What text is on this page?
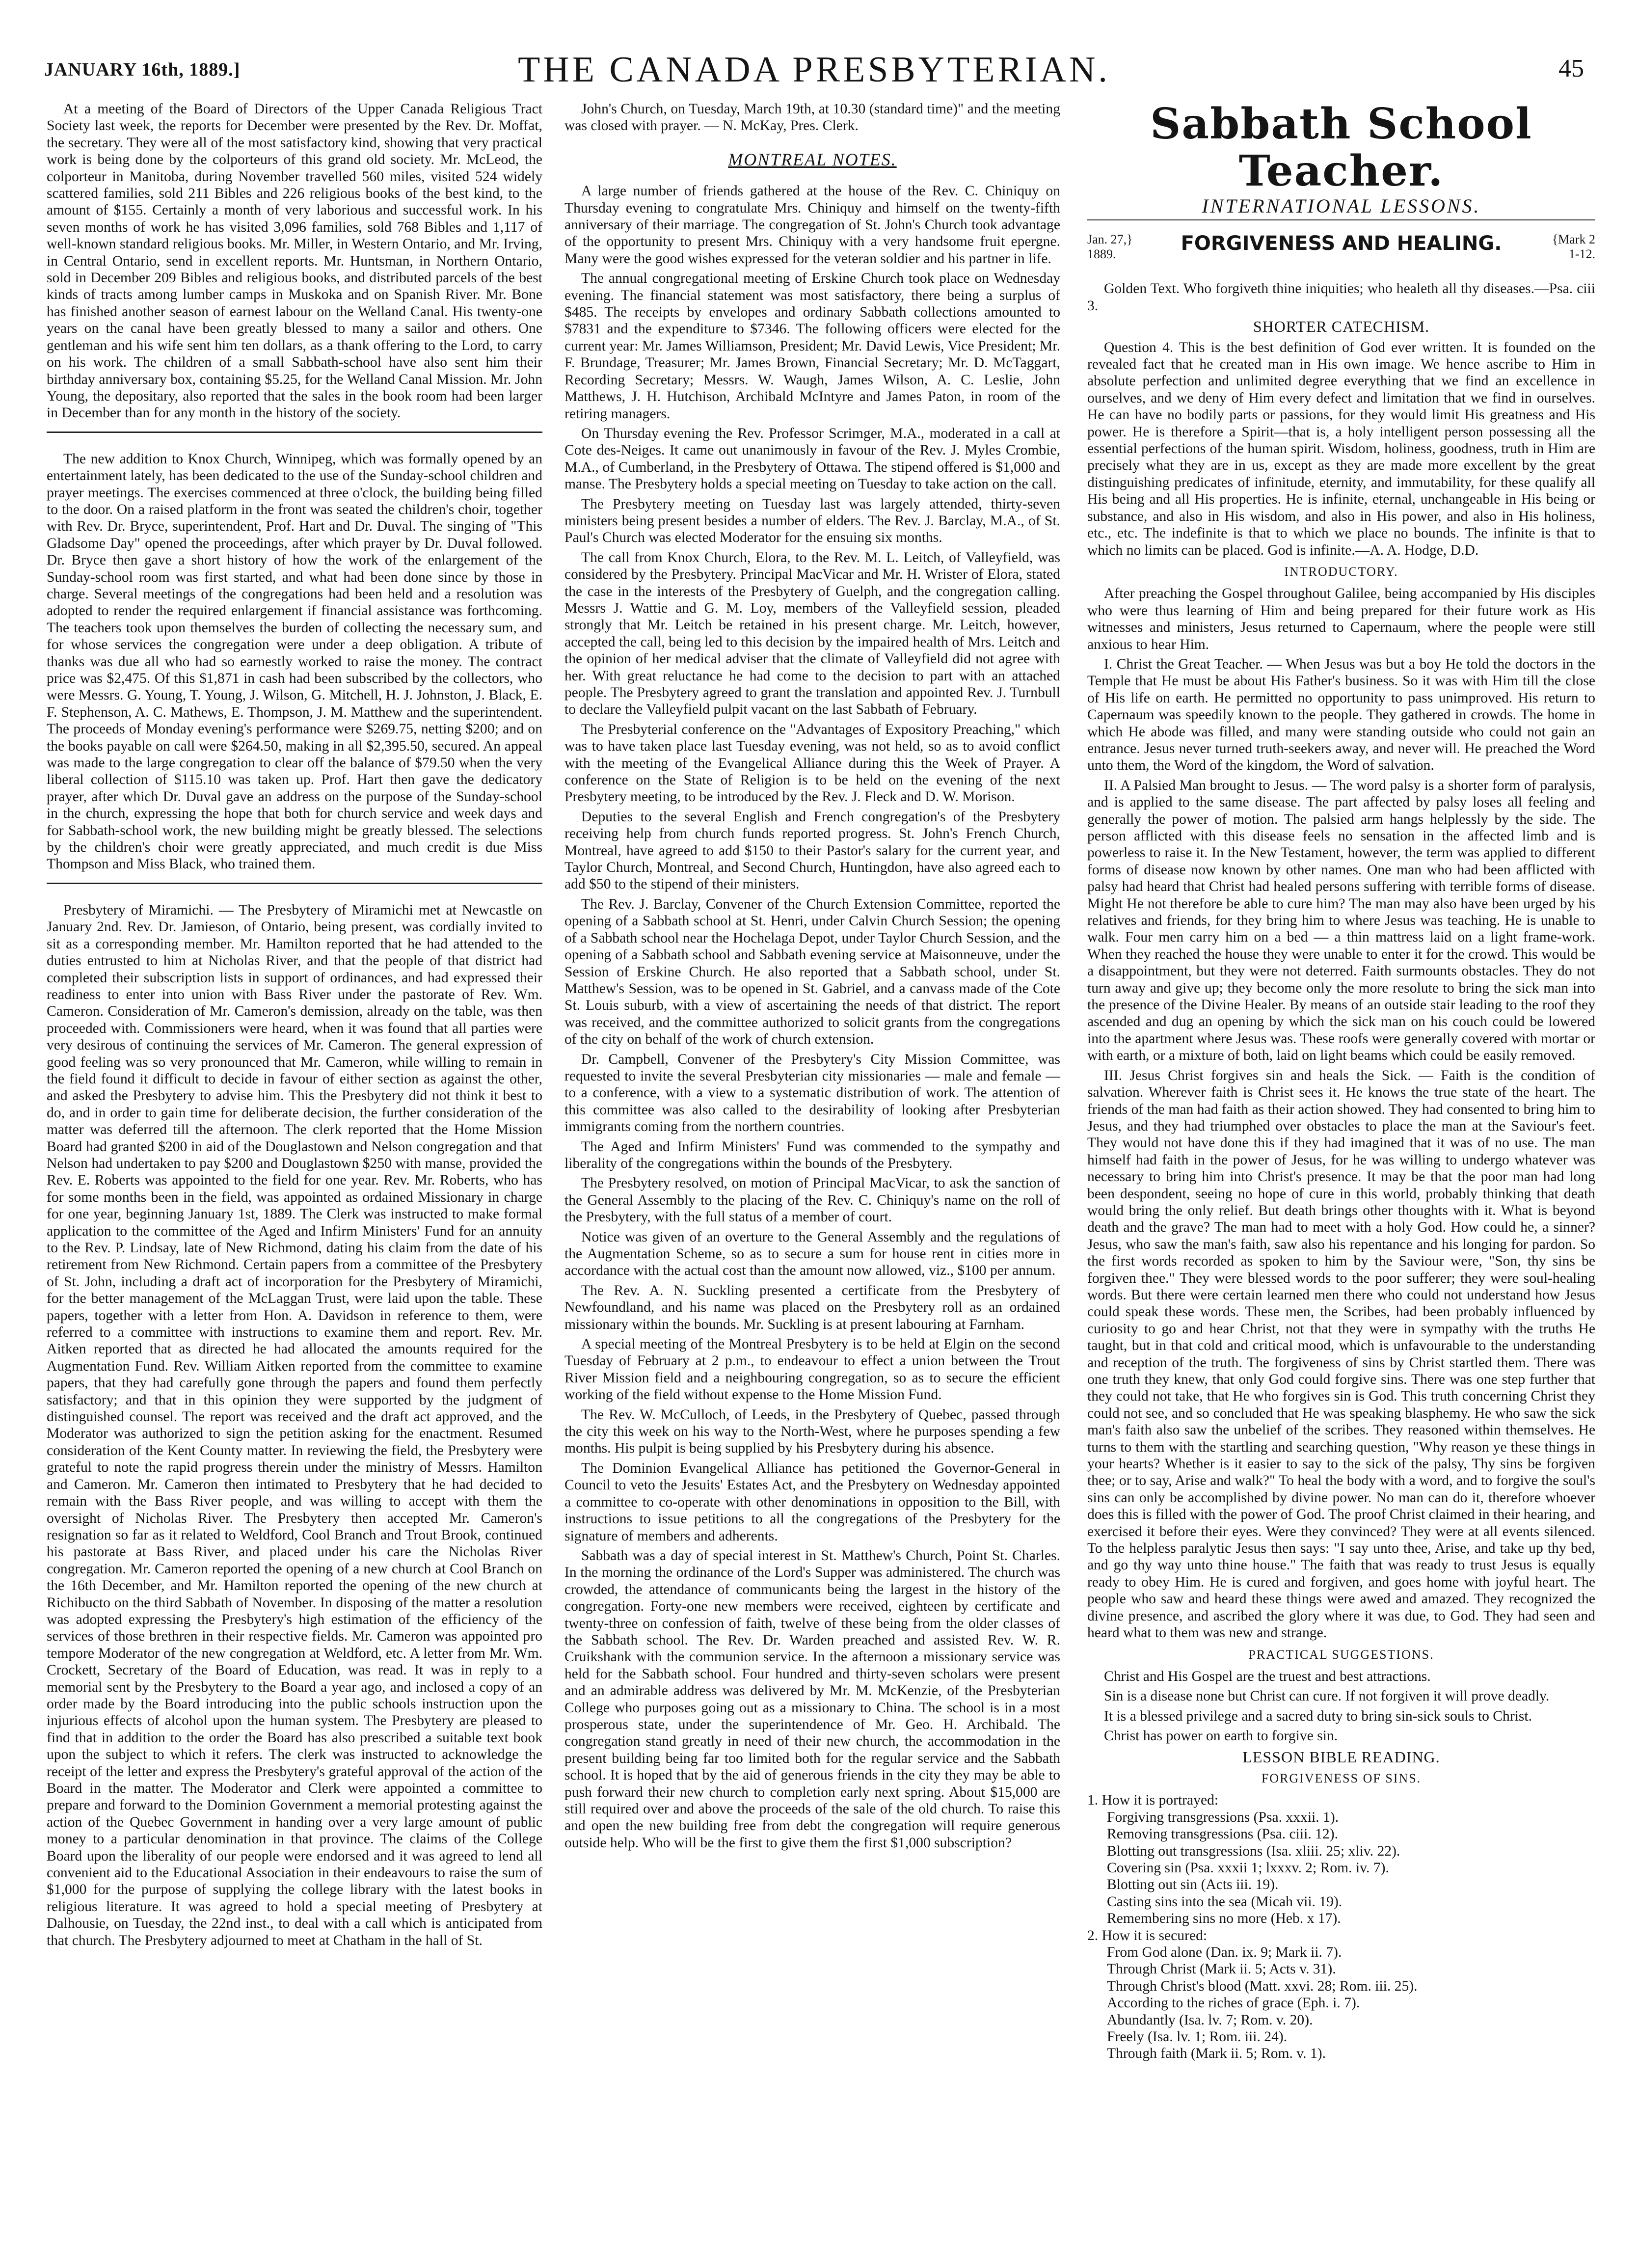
JANUARY 16th, 1889.]	THE CANADA PRESBYTERIAN.	45

At a meeting of the Board of Directors of the Upper Canada Religious Tract Society last week, the reports for December were presented by the Rev. Dr. Moffat, the secretary. They were all of the most satisfactory kind, showing that very practical work is being done by the colporteurs of this grand old society. Mr. McLeod, the colporteur in Manitoba, during November travelled 560 miles, visited 524 widely scattered families, sold 211 Bibles and 226 religious books of the best kind, to the amount of $155. Certainly a month of very laborious and successful work. In his seven months of work he has visited 3,096 families, sold 768 Bibles and 1,117 of well-known standard religious books. Mr. Miller, in Western Ontario, and Mr. Irving, in Central Ontario, send in excellent reports. Mr. Huntsman, in Northern Ontario, sold in December 209 Bibles and religious books, and distributed parcels of the best kinds of tracts among lumber camps in Muskoka and on Spanish River. Mr. Bone has finished another season of earnest labour on the Welland Canal. His twenty-one years on the canal have been greatly blessed to many a sailor and others. One gentleman and his wife sent him ten dollars, as a thank offering to the Lord, to carry on his work. The children of a small Sabbath-school have also sent him their birthday anniversary box, containing $5.25, for the Welland Canal Mission. Mr. John Young, the depositary, also reported that the sales in the book room had been larger in December than for any month in the history of the society.

The new addition to Knox Church, Winnipeg, which was formally opened by an entertainment lately, has been dedicated to the use of the Sunday-school children and prayer meetings. The exercises commenced at three o'clock, the building being filled to the door. On a raised platform in the front was seated the children's choir, together with Rev. Dr. Bryce, superintendent, Prof. Hart and Dr. Duval. The singing of "This Gladsome Day" opened the proceedings, after which prayer by Dr. Duval followed. Dr. Bryce then gave a short history of how the work of the enlargement of the Sunday-school room was first started, and what had been done since by those in charge. Several meetings of the congregations had been held and a resolution was adopted to render the required enlargement if financial assistance was forthcoming. The teachers took upon themselves the burden of collecting the necessary sum, and for whose services the congregation were under a deep obligation. A tribute of thanks was due all who had so earnestly worked to raise the money. The contract price was $2,475. Of this $1,871 in cash had been subscribed by the collectors, who were Messrs. G. Young, T. Young, J. Wilson, G. Mitchell, H. J. Johnston, J. Black, E. F. Stephenson, A. C. Mathews, E. Thompson, J. M. Matthew and the superintendent. The proceeds of Monday evening's performance were $269.75, netting $200; and on the books payable on call were $264.50, making in all $2,395.50, secured. An appeal was made to the large congregation to clear off the balance of $79.50 when the very liberal collection of $115.10 was taken up. Prof. Hart then gave the dedicatory prayer, after which Dr. Duval gave an address on the purpose of the Sunday-school in the church, expressing the hope that both for church service and week days and for Sabbath-school work, the new building might be greatly blessed. The selections by the children's choir were greatly appreciated, and much credit is due Miss Thompson and Miss Black, who trained them.

Presbytery of Miramichi. — The Presbytery of Miramichi met at Newcastle on January 2nd. Rev. Dr. Jamieson, of Ontario, being present, was cordially invited to sit as a corresponding member. Mr. Hamilton reported that he had attended to the duties entrusted to him at Nicholas River, and that the people of that district had completed their subscription lists in support of ordinances, and had expressed their readiness to enter into union with Bass River under the pastorate of Rev. Wm. Cameron. Consideration of Mr. Cameron's demission, already on the table, was then proceeded with. Commissioners were heard, when it was found that all parties were very desirous of continuing the services of Mr. Cameron. The general expression of good feeling was so very pronounced that Mr. Cameron, while willing to remain in the field found it difficult to decide in favour of either section as against the other, and asked the Presbytery to advise him. This the Presbytery did not think it best to do, and in order to gain time for deliberate decision, the further consideration of the matter was deferred till the afternoon. The clerk reported that the Home Mission Board had granted $200 in aid of the Douglastown and Nelson congregation and that Nelson had undertaken to pay $200 and Douglastown $250 with manse, provided the Rev. E. Roberts was appointed to the field for one year. Rev. Mr. Roberts, who has for some months been in the field, was appointed as ordained Missionary in charge for one year, beginning January 1st, 1889. The Clerk was instructed to make formal application to the committee of the Aged and Infirm Ministers' Fund for an annuity to the Rev. P. Lindsay, late of New Richmond, dating his claim from the date of his retirement from New Richmond. Certain papers from a committee of the Presbytery of St. John, including a draft act of incorporation for the Presbytery of Miramichi, for the better management of the McLaggan Trust, were laid upon the table. These papers, together with a letter from Hon. A. Davidson in reference to them, were referred to a committee with instructions to examine them and report. Rev. Mr. Aitken reported that as directed he had allocated the amounts required for the Augmentation Fund. Rev. William Aitken reported from the committee to examine papers, that they had carefully gone through the papers and found them perfectly satisfactory; and that in this opinion they were supported by the judgment of distinguished counsel. The report was received and the draft act approved, and the Moderator was authorized to sign the petition asking for the enactment. Resumed consideration of the Kent County matter. In reviewing the field, the Presbytery were grateful to note the rapid progress therein under the ministry of Messrs. Hamilton and Cameron. Mr. Cameron then intimated to Presbytery that he had decided to remain with the Bass River people, and was willing to accept with them the oversight of Nicholas River. The Presbytery then accepted Mr. Cameron's resignation so far as it related to Weldford, Cool Branch and Trout Brook, continued his pastorate at Bass River, and placed under his care the Nicholas River congregation. Mr. Cameron reported the opening of a new church at Cool Branch on the 16th December, and Mr. Hamilton reported the opening of the new church at Richibucto on the third Sabbath of November. In disposing of the matter a resolution was adopted expressing the Presbytery's high estimation of the efficiency of the services of those brethren in their respective fields. Mr. Cameron was appointed pro tempore Moderator of the new congregation at Weldford, etc. A letter from Mr. Wm. Crockett, Secretary of the Board of Education, was read. It was in reply to a memorial sent by the Presbytery to the Board a year ago, and inclosed a copy of an order made by the Board introducing into the public schools instruction upon the injurious effects of alcohol upon the human system. The Presbytery are pleased to find that in addition to the order the Board has also prescribed a suitable text book upon the subject to which it refers. The clerk was instructed to acknowledge the receipt of the letter and express the Presbytery's grateful approval of the action of the Board in the matter. The Moderator and Clerk were appointed a committee to prepare and forward to the Dominion Government a memorial protesting against the action of the Quebec Government in handing over a very large amount of public money to a particular denomination in that province. The claims of the College Board upon the liberality of our people were endorsed and it was agreed to lend all convenient aid to the Educational Association in their endeavours to raise the sum of $1,000 for the purpose of supplying the college library with the latest books in religious literature. It was agreed to hold a special meeting of Presbytery at Dalhousie, on Tuesday, the 22nd inst., to deal with a call which is anticipated from that church. The Presbytery adjourned to meet at Chatham in the hall of St.

John's Church, on Tuesday, March 19th, at 10.30 (standard time)" and the meeting was closed with prayer. — N. McKay, Pres. Clerk.

MONTREAL NOTES.

A large number of friends gathered at the house of the Rev. C. Chiniquy on Thursday evening to congratulate Mrs. Chiniquy and himself on the twenty-fifth anniversary of their marriage. The congregation of St. John's Church took advantage of the opportunity to present Mrs. Chiniquy with a very handsome fruit epergne. Many were the good wishes expressed for the veteran soldier and his partner in life.

The annual congregational meeting of Erskine Church took place on Wednesday evening. The financial statement was most satisfactory, there being a surplus of $485. The receipts by envelopes and ordinary Sabbath collections amounted to $7831 and the expenditure to $7346. The following officers were elected for the current year: Mr. James Williamson, President; Mr. David Lewis, Vice President; Mr. F. Brundage, Treasurer; Mr. James Brown, Financial Secretary; Mr. D. McTaggart, Recording Secretary; Messrs. W. Waugh, James Wilson, A. C. Leslie, John Matthews, J. H. Hutchison, Archibald McIntyre and James Paton, in room of the retiring managers.

On Thursday evening the Rev. Professor Scrimger, M.A., moderated in a call at Cote des-Neiges. It came out unanimously in favour of the Rev. J. Myles Crombie, M.A., of Cumberland, in the Presbytery of Ottawa. The stipend offered is $1,000 and manse. The Presbytery holds a special meeting on Tuesday to take action on the call.

The Presbytery meeting on Tuesday last was largely attended, thirty-seven ministers being present besides a number of elders. The Rev. J. Barclay, M.A., of St. Paul's Church was elected Moderator for the ensuing six months.

The call from Knox Church, Elora, to the Rev. M. L. Leitch, of Valleyfield, was considered by the Presbytery. Principal MacVicar and Mr. H. Wrister of Elora, stated the case in the interests of the Presbytery of Guelph, and the congregation calling. Messrs J. Wattie and G. M. Loy, members of the Valleyfield session, pleaded strongly that Mr. Leitch be retained in his present charge. Mr. Leitch, however, accepted the call, being led to this decision by the impaired health of Mrs. Leitch and the opinion of her medical adviser that the climate of Valleyfield did not agree with her. With great reluctance he had come to the decision to part with an attached people. The Presbytery agreed to grant the translation and appointed Rev. J. Turnbull to declare the Valleyfield pulpit vacant on the last Sabbath of February.

The Presbyterial conference on the "Advantages of Expository Preaching," which was to have taken place last Tuesday evening, was not held, so as to avoid conflict with the meeting of the Evangelical Alliance during this the Week of Prayer. A conference on the State of Religion is to be held on the evening of the next Presbytery meeting, to be introduced by the Rev. J. Fleck and D. W. Morison.

Deputies to the several English and French congregation's of the Presbytery receiving help from church funds reported progress. St. John's French Church, Montreal, have agreed to add $150 to their Pastor's salary for the current year, and Taylor Church, Montreal, and Second Church, Huntingdon, have also agreed each to add $50 to the stipend of their ministers.

The Rev. J. Barclay, Convener of the Church Extension Committee, reported the opening of a Sabbath school at St. Henri, under Calvin Church Session; the opening of a Sabbath school near the Hochelaga Depot, under Taylor Church Session, and the opening of a Sabbath school and Sabbath evening service at Maisonneuve, under the Session of Erskine Church. He also reported that a Sabbath school, under St. Matthew's Session, was to be opened in St. Gabriel, and a canvass made of the Cote St. Louis suburb, with a view of ascertaining the needs of that district. The report was received, and the committee authorized to solicit grants from the congregations of the city on behalf of the work of church extension.

Dr. Campbell, Convener of the Presbytery's City Mission Committee, was requested to invite the several Presbyterian city missionaries — male and female — to a conference, with a view to a systematic distribution of work. The attention of this committee was also called to the desirability of looking after Presbyterian immigrants coming from the northern countries.

The Aged and Infirm Ministers' Fund was commended to the sympathy and liberality of the congregations within the bounds of the Presbytery.

The Presbytery resolved, on motion of Principal MacVicar, to ask the sanction of the General Assembly to the placing of the Rev. C. Chiniquy's name on the roll of the Presbytery, with the full status of a member of court.

Notice was given of an overture to the General Assembly and the regulations of the Augmentation Scheme, so as to secure a sum for house rent in cities more in accordance with the actual cost than the amount now allowed, viz., $100 per annum.

The Rev. A. N. Suckling presented a certificate from the Presbytery of Newfoundland, and his name was placed on the Presbytery roll as an ordained missionary within the bounds. Mr. Suckling is at present labouring at Farnham.

A special meeting of the Montreal Presbytery is to be held at Elgin on the second Tuesday of February at 2 p.m., to endeavour to effect a union between the Trout River Mission field and a neighbouring congregation, so as to secure the efficient working of the field without expense to the Home Mission Fund.

The Rev. W. McCulloch, of Leeds, in the Presbytery of Quebec, passed through the city this week on his way to the North-West, where he purposes spending a few months. His pulpit is being supplied by his Presbytery during his absence.

The Dominion Evangelical Alliance has petitioned the Governor-General in Council to veto the Jesuits' Estates Act, and the Presbytery on Wednesday appointed a committee to co-operate with other denominations in opposition to the Bill, with instructions to issue petitions to all the congregations of the Presbytery for the signature of members and adherents.

Sabbath was a day of special interest in St. Matthew's Church, Point St. Charles. In the morning the ordinance of the Lord's Supper was administered. The church was crowded, the attendance of communicants being the largest in the history of the congregation. Forty-one new members were received, eighteen by certificate and twenty-three on confession of faith, twelve of these being from the older classes of the Sabbath school. The Rev. Dr. Warden preached and assisted Rev. W. R. Cruikshank with the communion service. In the afternoon a missionary service was held for the Sabbath school. Four hundred and thirty-seven scholars were present and an admirable address was delivered by Mr. M. McKenzie, of the Presbyterian College who purposes going out as a missionary to China. The school is in a most prosperous state, under the superintendence of Mr. Geo. H. Archibald. The congregation stand greatly in need of their new church, the accommodation in the present building being far too limited both for the regular service and the Sabbath school. It is hoped that by the aid of generous friends in the city they may be able to push forward their new church to completion early next spring. About $15,000 are still required over and above the proceeds of the sale of the old church. To raise this and open the new building free from debt the congregation will require generous outside help. Who will be the first to give them the first $1,000 subscription?

Sabbath School Teacher.
INTERNATIONAL LESSONS.
Jan. 27,}
1889.	FORGIVENESS AND HEALING.	{Mark 2
1-12.

Golden Text. Who forgiveth thine iniquities; who healeth all thy diseases.—Psa. ciii 3.

SHORTER CATECHISM.

Question 4. This is the best definition of God ever written. It is founded on the revealed fact that he created man in His own image. We hence ascribe to Him in absolute perfection and unlimited degree everything that we find an excellence in ourselves, and we deny of Him every defect and limitation that we find in ourselves. He can have no bodily parts or passions, for they would limit His greatness and His power. He is therefore a Spirit—that is, a holy intelligent person possessing all the essential perfections of the human spirit. Wisdom, holiness, goodness, truth in Him are precisely what they are in us, except as they are made more excellent by the great distinguishing predicates of infinitude, eternity, and immutability, for these qualify all His being and all His properties. He is infinite, eternal, unchangeable in His being or substance, and also in His wisdom, and also in His power, and also in His holiness, etc., etc. The indefinite is that to which we place no bounds. The infinite is that to which no limits can be placed. God is infinite.—A. A. Hodge, D.D.

INTRODUCTORY.

After preaching the Gospel throughout Galilee, being accompanied by His disciples who were thus learning of Him and being prepared for their future work as His witnesses and ministers, Jesus returned to Capernaum, where the people were still anxious to hear Him.

I. Christ the Great Teacher. — When Jesus was but a boy He told the doctors in the Temple that He must be about His Father's business. So it was with Him till the close of His life on earth. He permitted no opportunity to pass unimproved. His return to Capernaum was speedily known to the people. They gathered in crowds. The home in which He abode was filled, and many were standing outside who could not gain an entrance. Jesus never turned truth-seekers away, and never will. He preached the Word unto them, the Word of the kingdom, the Word of salvation.

II. A Palsied Man brought to Jesus. — The word palsy is a shorter form of paralysis, and is applied to the same disease. The part affected by palsy loses all feeling and generally the power of motion. The palsied arm hangs helplessly by the side. The person afflicted with this disease feels no sensation in the affected limb and is powerless to raise it. In the New Testament, however, the term was applied to different forms of disease now known by other names. One man who had been afflicted with palsy had heard that Christ had healed persons suffering with terrible forms of disease. Might He not therefore be able to cure him? The man may also have been urged by his relatives and friends, for they bring him to where Jesus was teaching. He is unable to walk. Four men carry him on a bed — a thin mattress laid on a light frame-work. When they reached the house they were unable to enter it for the crowd. This would be a disappointment, but they were not deterred. Faith surmounts obstacles. They do not turn away and give up; they become only the more resolute to bring the sick man into the presence of the Divine Healer. By means of an outside stair leading to the roof they ascended and dug an opening by which the sick man on his couch could be lowered into the apartment where Jesus was. These roofs were generally covered with mortar or with earth, or a mixture of both, laid on light beams which could be easily removed.

III. Jesus Christ forgives sin and heals the Sick. — Faith is the condition of salvation. Wherever faith is Christ sees it. He knows the true state of the heart. The friends of the man had faith as their action showed. They had consented to bring him to Jesus, and they had triumphed over obstacles to place the man at the Saviour's feet. They would not have done this if they had imagined that it was of no use. The man himself had faith in the power of Jesus, for he was willing to undergo whatever was necessary to bring him into Christ's presence. It may be that the poor man had long been despondent, seeing no hope of cure in this world, probably thinking that death would bring the only relief. But death brings other thoughts with it. What is beyond death and the grave? The man had to meet with a holy God. How could he, a sinner? Jesus, who saw the man's faith, saw also his repentance and his longing for pardon. So the first words recorded as spoken to him by the Saviour were, "Son, thy sins be forgiven thee." They were blessed words to the poor sufferer; they were soul-healing words. But there were certain learned men there who could not understand how Jesus could speak these words. These men, the Scribes, had been probably influenced by curiosity to go and hear Christ, not that they were in sympathy with the truths He taught, but in that cold and critical mood, which is unfavourable to the understanding and reception of the truth. The forgiveness of sins by Christ startled them. There was one truth they knew, that only God could forgive sins. There was one step further that they could not take, that He who forgives sin is God. This truth concerning Christ they could not see, and so concluded that He was speaking blasphemy. He who saw the sick man's faith also saw the unbelief of the scribes. They reasoned within themselves. He turns to them with the startling and searching question, "Why reason ye these things in your hearts? Whether is it easier to say to the sick of the palsy, Thy sins be forgiven thee; or to say, Arise and walk?" To heal the body with a word, and to forgive the soul's sins can only be accomplished by divine power. No man can do it, therefore whoever does this is filled with the power of God. The proof Christ claimed in their hearing, and exercised it before their eyes. Were they convinced? They were at all events silenced. To the helpless paralytic Jesus then says: "I say unto thee, Arise, and take up thy bed, and go thy way unto thine house." The faith that was ready to trust Jesus is equally ready to obey Him. He is cured and forgiven, and goes home with joyful heart. The people who saw and heard these things were awed and amazed. They recognized the divine presence, and ascribed the glory where it was due, to God. They had seen and heard what to them was new and strange.

PRACTICAL SUGGESTIONS.

Christ and His Gospel are the truest and best attractions.

Sin is a disease none but Christ can cure. If not forgiven it will prove deadly.

It is a blessed privilege and a sacred duty to bring sin-sick souls to Christ.

Christ has power on earth to forgive sin.

LESSON BIBLE READING.
FORGIVENESS OF SINS.
1. How it is portrayed:
Forgiving transgressions (Psa. xxxii. 1).
Removing transgressions (Psa. ciii. 12).
Blotting out transgressions (Isa. xliii. 25; xliv. 22).
Covering sin (Psa. xxxii 1; lxxxv. 2; Rom. iv. 7).
Blotting out sin (Acts iii. 19).
Casting sins into the sea (Micah vii. 19).
Remembering sins no more (Heb. x 17).
2. How it is secured:
From God alone (Dan. ix. 9; Mark ii. 7).
Through Christ (Mark ii. 5; Acts v. 31).
Through Christ's blood (Matt. xxvi. 28; Rom. iii. 25).
According to the riches of grace (Eph. i. 7).
Abundantly (Isa. lv. 7; Rom. v. 20).
Freely (Isa. lv. 1; Rom. iii. 24).
Through faith (Mark ii. 5; Rom. v. 1).
